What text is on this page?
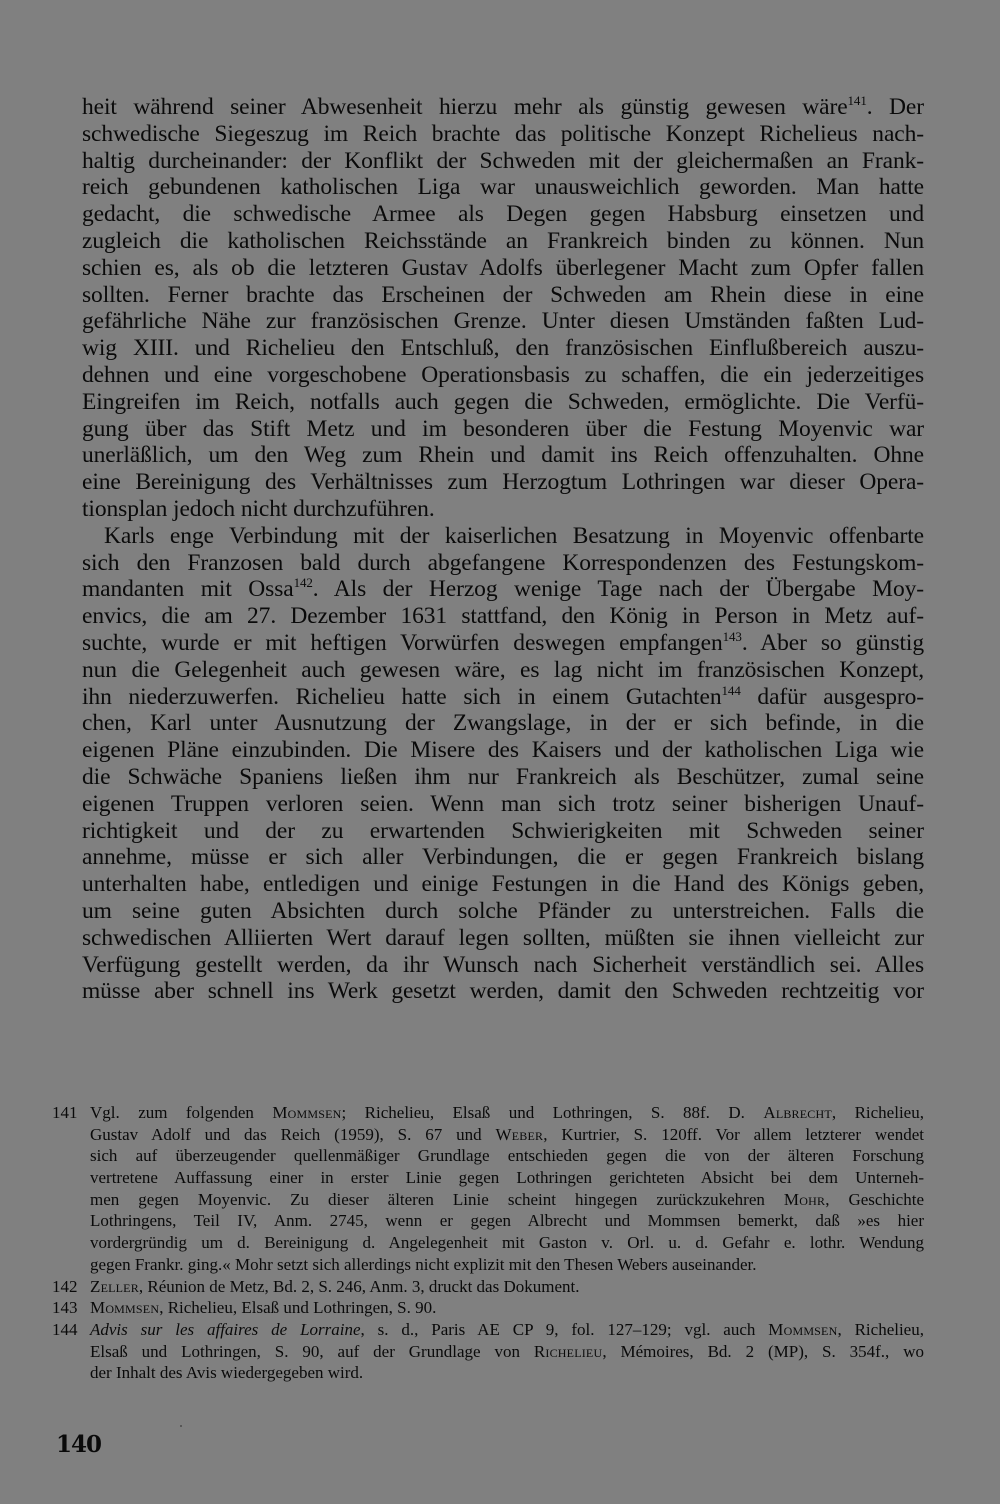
heit während seiner Abwesenheit hierzu mehr als günstig gewesen wäre$^{141}$. Der
schwedische Siegeszug im Reich brachte das politische Konzept Richelieus nach-
haltig durcheinander: der Konflikt der Schweden mit der gleichermaßen an Frank-
reich gebundenen katholischen Liga war unausweichlich geworden. Man hatte
gedacht, die schwedische Armee als Degen gegen Habsburg einsetzen und
zugleich die katholischen Reichsstände an Frankreich binden zu können. Nun
schien es, als ob die letzteren Gustav Adolfs überlegener Macht zum Opfer fallen
sollten. Ferner brachte das Erscheinen der Schweden am Rhein diese in eine
gefährliche Nähe zur französischen Grenze. Unter diesen Umständen faßten Lud-
wig XIII. und Richelieu den Entschluß, den französischen Einflußbereich auszu-
dehnen und eine vorgeschobene Operationsbasis zu schaffen, die ein jederzeitiges
Eingreifen im Reich, notfalls auch gegen die Schweden, ermöglichte. Die Verfü-
gung über das Stift Metz und im besonderen über die Festung Moyenvic war
unerläßlich, um den Weg zum Rhein und damit ins Reich offenzuhalten. Ohne
eine Bereinigung des Verhältnisses zum Herzogtum Lothringen war dieser Opera-
tionsplan jedoch nicht durchzuführen.
Karls enge Verbindung mit der kaiserlichen Besatzung in Moyenvic offenbarte
sich den Franzosen bald durch abgefangene Korrespondenzen des Festungskom-
mandanten mit Ossa$^{142}$. Als der Herzog wenige Tage nach der Übergabe Moy-
envics, die am 27. Dezember 1631 stattfand, den König in Person in Metz auf-
suchte, wurde er mit heftigen Vorwürfen deswegen empfangen$^{143}$. Aber so günstig
nun die Gelegenheit auch gewesen wäre, es lag nicht im französischen Konzept,
ihn niederzuwerfen. Richelieu hatte sich in einem Gutachten$^{144}$ dafür ausgespro-
chen, Karl unter Ausnutzung der Zwangslage, in der er sich befinde, in die
eigenen Pläne einzubinden. Die Misere des Kaisers und der katholischen Liga wie
die Schwäche Spaniens ließen ihm nur Frankreich als Beschützer, zumal seine
eigenen Truppen verloren seien. Wenn man sich trotz seiner bisherigen Unauf-
richtigkeit und der zu erwartenden Schwierigkeiten mit Schweden seiner
annehme, müsse er sich aller Verbindungen, die er gegen Frankreich bislang
unterhalten habe, entledigen und einige Festungen in die Hand des Königs geben,
um seine guten Absichten durch solche Pfänder zu unterstreichen. Falls die
schwedischen Alliierten Wert darauf legen sollten, müßten sie ihnen vielleicht zur
Verfügung gestellt werden, da ihr Wunsch nach Sicherheit verständlich sei. Alles
müsse aber schnell ins Werk gesetzt werden, damit den Schweden rechtzeitig vor
141 Vgl. zum folgenden Mommsen; Richelieu, Elsaß und Lothringen, S. 88f. D. Albrecht, Richelieu,
Gustav Adolf und das Reich (1959), S. 67 und Weber, Kurtrier, S. 120ff. Vor allem letzterer wendet
sich auf überzeugender quellenmäßiger Grundlage entschieden gegen die von der älteren Forschung
vertretene Auffassung einer in erster Linie gegen Lothringen gerichteten Absicht bei dem Unterneh-
men gegen Moyenvic. Zu dieser älteren Linie scheint hingegen zurückzukehren Mohr, Geschichte
Lothringens, Teil IV, Anm. 2745, wenn er gegen Albrecht und Mommsen bemerkt, daß »es hier
vordergründig um d. Bereinigung d. Angelegenheit mit Gaston v. Orl. u. d. Gefahr e. lothr. Wendung
gegen Frankr. ging.« Mohr setzt sich allerdings nicht explizit mit den Thesen Webers auseinander.
142 Zeller, Réunion de Metz, Bd. 2, S. 246, Anm. 3, druckt das Dokument.
143 Mommsen, Richelieu, Elsaß und Lothringen, S. 90.
144 Advis sur les affaires de Lorraine, s. d., Paris AE CP 9, fol. 127–129; vgl. auch Mommsen, Richelieu,
Elsaß und Lothringen, S. 90, auf der Grundlage von Richelieu, Mémoires, Bd. 2 (MP), S. 354f., wo
der Inhalt des Avis wiedergegeben wird.
140
